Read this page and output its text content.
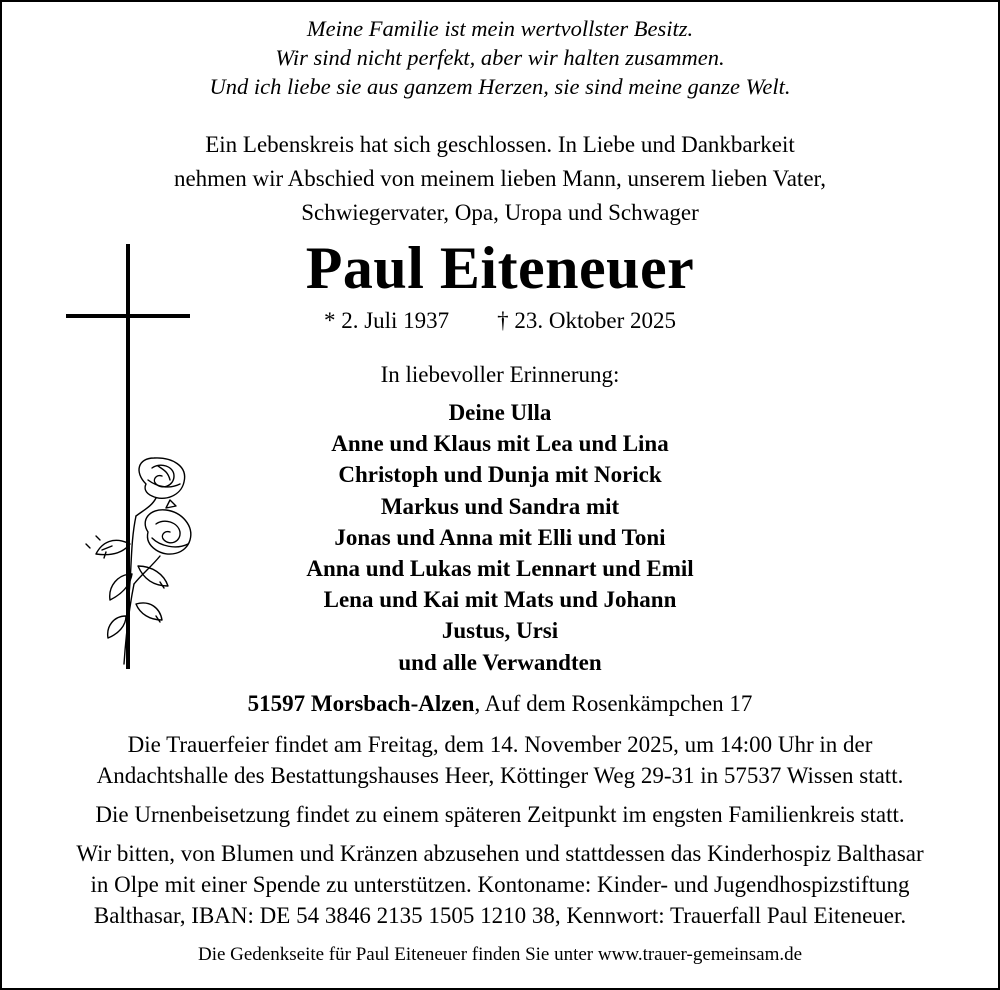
Meine Familie ist mein wertvollster Besitz.
Wir sind nicht perfekt, aber wir halten zusammen.
Und ich liebe sie aus ganzem Herzen, sie sind meine ganze Welt.
Ein Lebenskreis hat sich geschlossen. In Liebe und Dankbarkeit
nehmen wir Abschied von meinem lieben Mann, unserem lieben Vater,
Schwiegervater, Opa, Uropa und Schwager
Paul Eiteneuer
* 2. Juli 1937 † 23. Oktober 2025
In liebevoller Erinnerung:
Deine Ulla
Anne und Klaus mit Lea und Lina
Christoph und Dunja mit Norick
Markus und Sandra mit
Jonas und Anna mit Elli und Toni
Anna und Lukas mit Lennart und Emil
Lena und Kai mit Mats und Johann
Justus, Ursi
und alle Verwandten
51597 Morsbach-Alzen, Auf dem Rosenkämpchen 17
Die Trauerfeier findet am Freitag, dem 14. November 2025, um 14:00 Uhr in der
Andachtshalle des Bestattungshauses Heer, Köttinger Weg 29-31 in 57537 Wissen statt.
Die Urnenbeisetzung findet zu einem späteren Zeitpunkt im engsten Familienkreis statt.
Wir bitten, von Blumen und Kränzen abzusehen und stattdessen das Kinderhospiz Balthasar
in Olpe mit einer Spende zu unterstützen. Kontoname: Kinder- und Jugendhospizstiftung
Balthasar, IBAN: DE 54 3846 2135 1505 1210 38, Kennwort: Trauerfall Paul Eiteneuer.
Die Gedenkseite für Paul Eiteneuer finden Sie unter www.trauer-gemeinsam.de
